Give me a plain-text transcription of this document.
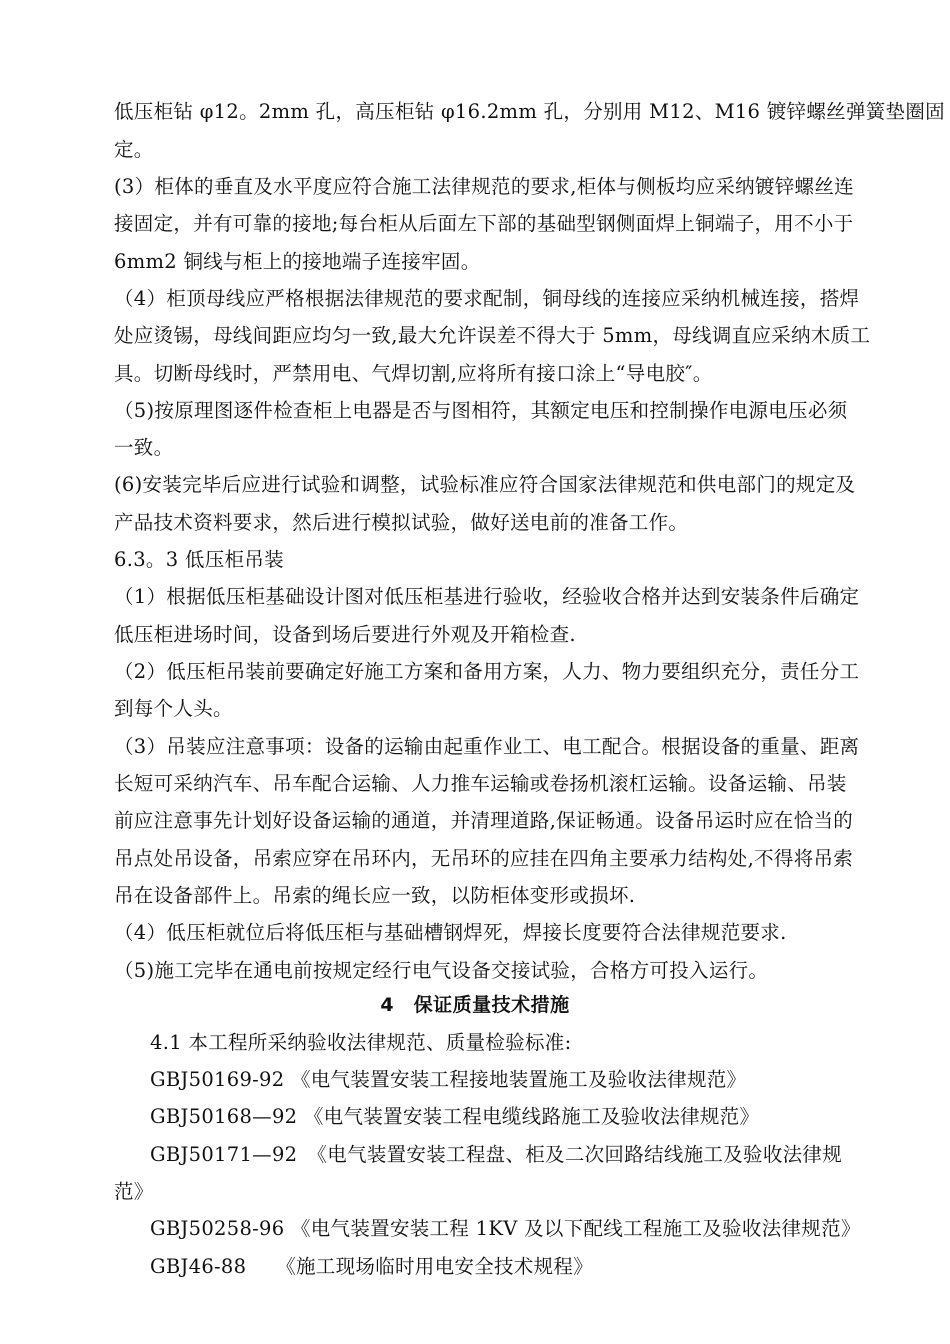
低压柜钻 φ12。2mm 孔，高压柜钻 φ16.2mm 孔，分别用 M12、M16 镀锌螺丝弹簧垫圈固
定。
(3）柜体的垂直及水平度应符合施工法律规范的要求,柜体与侧板均应采纳镀锌螺丝连
接固定，并有可靠的接地;每台柜从后面左下部的基础型钢侧面焊上铜端子，用不小于
6mm2 铜线与柜上的接地端子连接牢固。
（4）柜顶母线应严格根据法律规范的要求配制，铜母线的连接应采纳机械连接，搭焊
处应烫锡，母线间距应均匀一致,最大允许误差不得大于 5mm，母线调直应采纳木质工
具。切断母线时，严禁用电、气焊切割,应将所有接口涂上“导电胶″。
（5)按原理图逐件检查柜上电器是否与图相符，其额定电压和控制操作电源电压必须
一致。
(6)安装完毕后应进行试验和调整，试验标准应符合国家法律规范和供电部门的规定及
产品技术资料要求，然后进行模拟试验，做好送电前的准备工作。
6.3。3 低压柜吊装
（1）根据低压柜基础设计图对低压柜基进行验收，经验收合格并达到安装条件后确定
低压柜进场时间，设备到场后要进行外观及开箱检查.
（2）低压柜吊装前要确定好施工方案和备用方案，人力、物力要组织充分，责任分工
到每个人头。
（3）吊装应注意事项：设备的运输由起重作业工、电工配合。根据设备的重量、距离
长短可采纳汽车、吊车配合运输、人力推车运输或卷扬机滚杠运输。设备运输、吊装
前应注意事先计划好设备运输的通道，并清理道路,保证畅通。设备吊运时应在恰当的
吊点处吊设备，吊索应穿在吊环内，无吊环的应挂在四角主要承力结构处,不得将吊索
吊在设备部件上。吊索的绳长应一致，以防柜体变形或损坏.
（4）低压柜就位后将低压柜与基础槽钢焊死，焊接长度要符合法律规范要求.
（5)施工完毕在通电前按规定经行电气设备交接试验，合格方可投入运行。
4　保证质量技术措施
4.1 本工程所采纳验收法律规范、质量检验标准:
GBJ50169-92 《电气装置安装工程接地装置施工及验收法律规范》
GBJ50168—92 《电气装置安装工程电缆线路施工及验收法律规范》
GBJ50171—92　《电气装置安装工程盘、柜及二次回路结线施工及验收法律规
范》
GBJ50258-96 《电气装置安装工程 1KV 及以下配线工程施工及验收法律规范》
GBJ46-88　　《施工现场临时用电安全技术规程》
